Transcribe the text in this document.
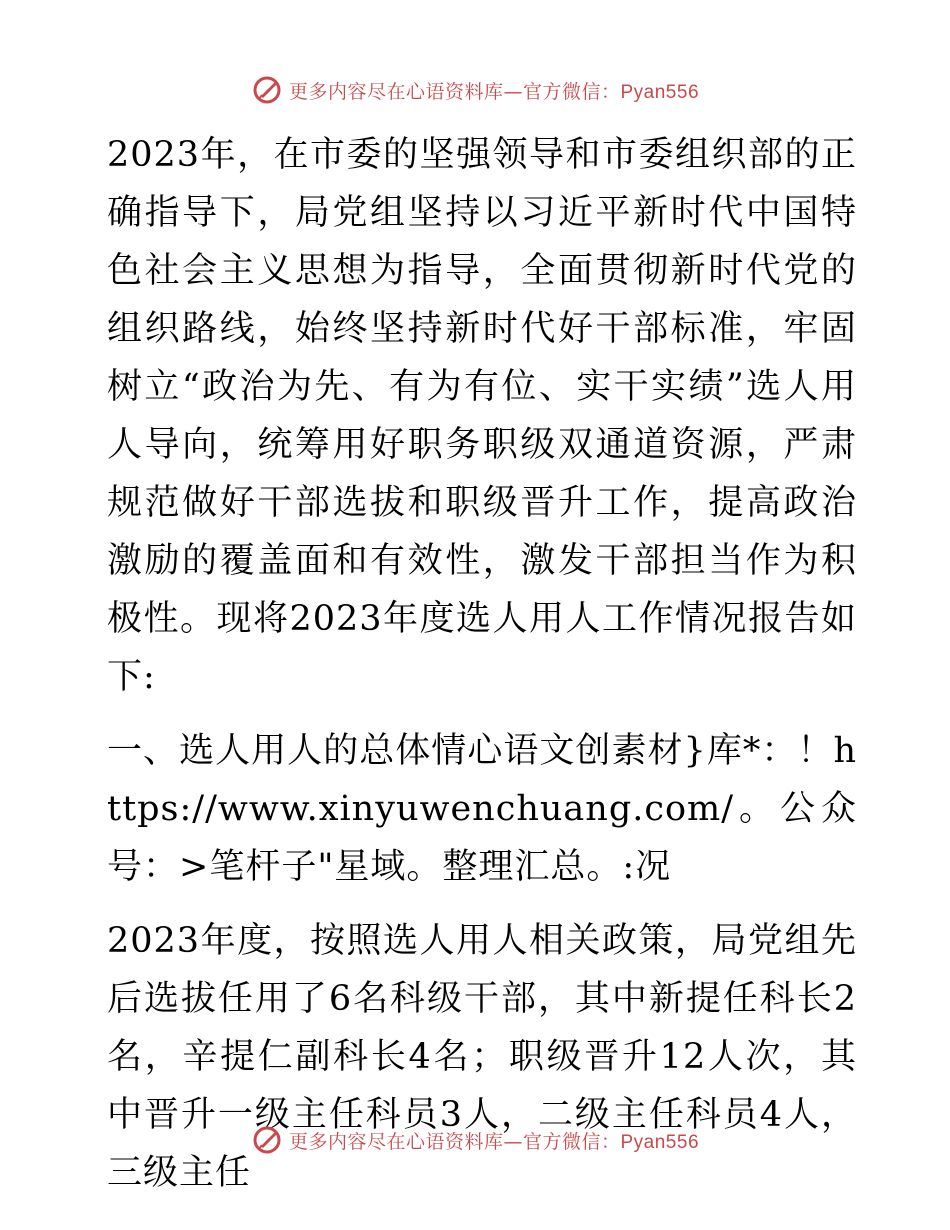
更多内容尽在心语资料库—官方微信：Pyan556

2023年，在市委的坚强领导和市委组织部的正确指导下，局党组坚持以习近平新时代中国特色社会主义思想为指导，全面贯彻新时代党的组织路线，始终坚持新时代好干部标准，牢固树立“政治为先、有为有位、实干实绩”选人用人导向，统筹用好职务职级双通道资源，严肃规范做好干部选拔和职级晋升工作，提高政治激励的覆盖面和有效性，激发干部担当作为积极性。现将2023年度选人用人工作情况报告如下:

一、选人用人的总体情心语文创素材}库*：！https://www.xinyuwenchuang.com/。公众号：>笔杆子"星域。整理汇总。:况

2023年度，按照选人用人相关政策，局党组先后选拔任用了6名科级干部，其中新提任科长2名，辛提仁副科长4名；职级晋升12人次，其中晋升一级主任科员3人，二级主任科员4人，三级主任

更多内容尽在心语资料库—官方微信：Pyan556
